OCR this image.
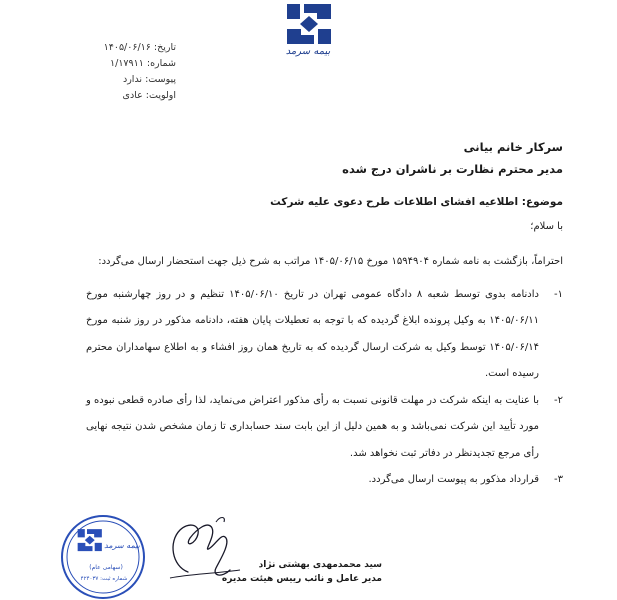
بیمه سرمد
تاریخ: ۱۴۰۵/۰۶/۱۶
شماره: ۱/۱۷۹۱۱
پیوست: ندارد
اولویت: عادی
سرکار خانم بیانی
مدیر محترم نظارت بر ناشران درج شده
موضوع: اطلاعیه افشای اطلاعات طرح دعوی علیه شرکت
با سلام؛

احتراماً، بازگشت به نامه شماره ۱۵۹۴۹۰۴ مورخ ۱۴۰۵/۰۶/۱۵ مراتب به شرح ذیل جهت استحضار ارسال می‌گردد:

۱-
دادنامه بدوی توسط شعبه ۸ دادگاه عمومی تهران در تاریخ ۱۴۰۵/۰۶/۱۰ تنظیم و در روز چهارشنبه مورخ ۱۴۰۵/۰۶/۱۱ به وکیل پرونده ابلاغ گردیده که با توجه به تعطیلات پایان هفته، دادنامه مذکور در روز شنبه مورخ ۱۴۰۵/۰۶/۱۴ توسط وکیل به شرکت ارسال گردیده که به تاریخ همان روز افشاء و به اطلاع سهامداران محترم رسیده است.
۲-
با عنایت به اینکه شرکت در مهلت قانونی نسبت به رأی مذکور اعتراض می‌نماید، لذا رأی صادره قطعی نبوده و مورد تأیید این شرکت نمی‌باشد و به همین دلیل از این بابت سند حسابداری تا زمان مشخص شدن نتیجه نهایی رأی مرجع تجدیدنظر در دفاتر ثبت نخواهد شد.
۳-
قرارداد مذکور به پیوست ارسال می‌گردد.
بیمه سرمد
(سهامی عام)
شماره ثبت: ۴۲۴۰۳۷
سید محمدمهدی بهشتی نژاد
مدیر عامل و نائب رییس هیئت مدیره
